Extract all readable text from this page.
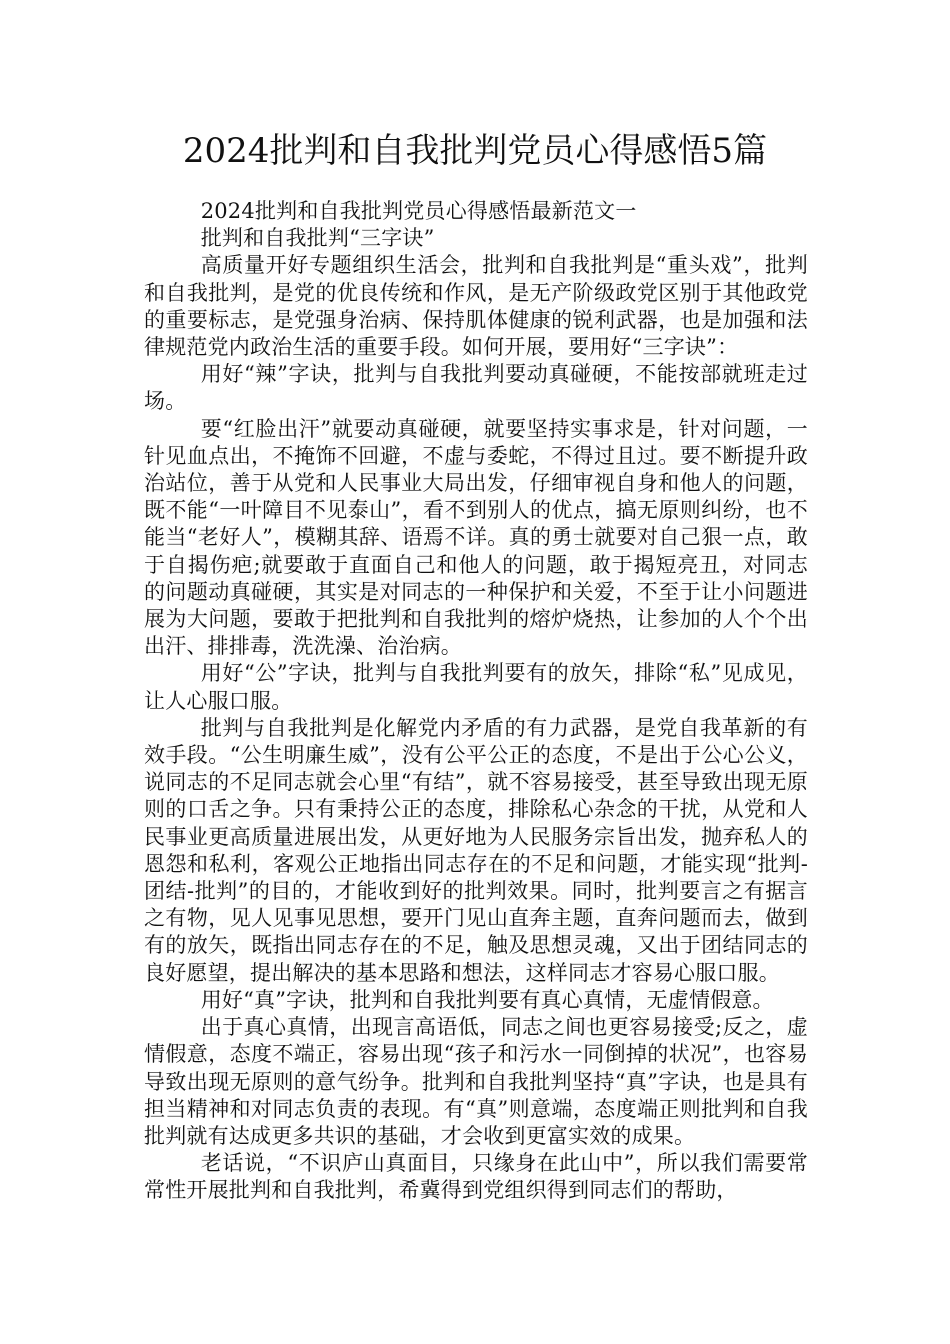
2024批判和自我批判党员心得感悟5篇

2024批判和自我批判党员心得感悟最新范文一

批判和自我批判“三字诀”

高质量开好专题组织生活会，批判和自我批判是“重头戏”，批判和自我批判，是党的优良传统和作风，是无产阶级政党区别于其他政党的重要标志，是党强身治病、保持肌体健康的锐利武器，也是加强和法律规范党内政治生活的重要手段。如何开展，要用好“三字诀”：

用好“辣”字诀，批判与自我批判要动真碰硬，不能按部就班走过场。

要“红脸出汗”就要动真碰硬，就要坚持实事求是，针对问题，一针见血点出，不掩饰不回避，不虚与委蛇，不得过且过。要不断提升政治站位，善于从党和人民事业大局出发，仔细审视自身和他人的问题，既不能“一叶障目不见泰山”，看不到别人的优点，搞无原则纠纷，也不能当“老好人”，模糊其辞、语焉不详。真的勇士就要对自己狠一点，敢于自揭伤疤;就要敢于直面自己和他人的问题，敢于揭短亮丑，对同志的问题动真碰硬，其实是对同志的一种保护和关爱，不至于让小问题进展为大问题，要敢于把批判和自我批判的熔炉烧热，让参加的人个个出出汗、排排毒，洗洗澡、治治病。

用好“公”字诀，批判与自我批判要有的放矢，排除“私”见成见，让人心服口服。

批判与自我批判是化解党内矛盾的有力武器，是党自我革新的有效手段。“公生明廉生威”，没有公平公正的态度，不是出于公心公义，说同志的不足同志就会心里“有结”，就不容易接受，甚至导致出现无原则的口舌之争。只有秉持公正的态度，排除私心杂念的干扰，从党和人民事业更高质量进展出发，从更好地为人民服务宗旨出发，抛弃私人的恩怨和私利，客观公正地指出同志存在的不足和问题，才能实现“批判-团结-批判”的目的，才能收到好的批判效果。同时，批判要言之有据言之有物，见人见事见思想，要开门见山直奔主题，直奔问题而去，做到有的放矢，既指出同志存在的不足，触及思想灵魂，又出于团结同志的良好愿望，提出解决的基本思路和想法，这样同志才容易心服口服。

用好“真”字诀，批判和自我批判要有真心真情，无虚情假意。

出于真心真情，出现言高语低，同志之间也更容易接受;反之，虚情假意，态度不端正，容易出现“孩子和污水一同倒掉的状况”，也容易导致出现无原则的意气纷争。批判和自我批判坚持“真”字诀，也是具有担当精神和对同志负责的表现。有“真”则意端，态度端正则批判和自我批判就有达成更多共识的基础，才会收到更富实效的成果。

老话说，“不识庐山真面目，只缘身在此山中”，所以我们需要常常性开展批判和自我批判，希冀得到党组织得到同志们的帮助，
